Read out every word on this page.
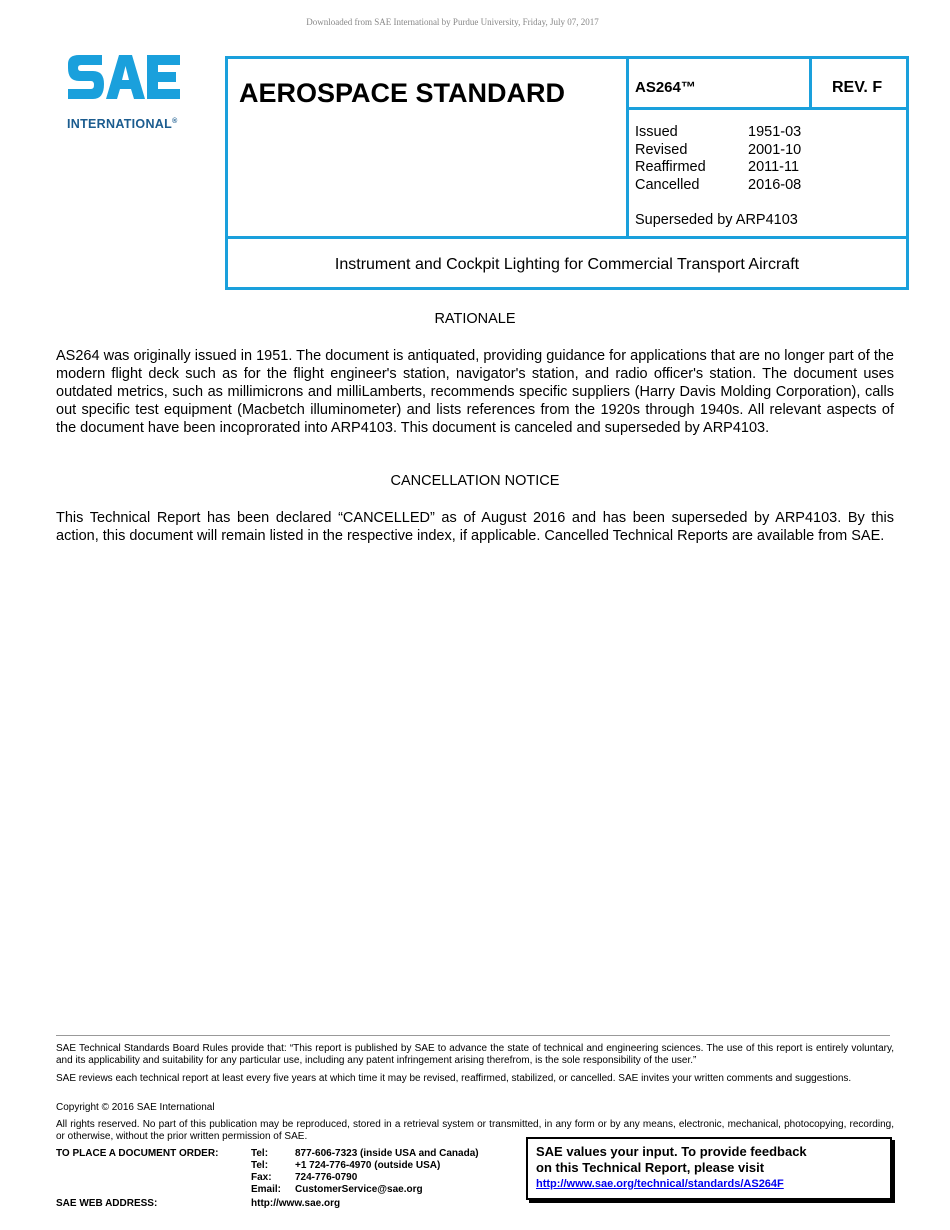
Downloaded from SAE International by Purdue University, Friday, July 07, 2017
INTERNATIONAL®
AEROSPACE STANDARD	AS264™	REV. F
Issued	1951-03
Revised	2001-10
Reaffirmed	2011-11
Cancelled	2016-08
Superseded by ARP4103
Instrument and Cockpit Lighting for Commercial Transport Aircraft
RATIONALE
AS264 was originally issued in 1951. The document is antiquated, providing guidance for applications that are no longer part of the modern flight deck such as for the flight engineer's station, navigator's station, and radio officer's station. The document uses outdated metrics, such as millimicrons and milliLamberts, recommends specific suppliers (Harry Davis Molding Corporation), calls out specific test equipment (Macbetch illuminometer) and lists references from the 1920s through 1940s. All relevant aspects of the document have been incoprorated into ARP4103. This document is canceled and superseded by ARP4103.
CANCELLATION NOTICE
This Technical Report has been declared “CANCELLED” as of August 2016 and has been superseded by ARP4103. By this action, this document will remain listed in the respective index, if applicable. Cancelled Technical Reports are available from SAE.
SAE Technical Standards Board Rules provide that: “This report is published by SAE to advance the state of technical and engineering sciences. The use of this report is entirely voluntary, and its applicability and suitability for any particular use, including any patent infringement arising therefrom, is the sole responsibility of the user.”
SAE reviews each technical report at least every five years at which time it may be revised, reaffirmed, stabilized, or cancelled. SAE invites your written comments and suggestions.
Copyright © 2016 SAE International
All rights reserved. No part of this publication may be reproduced, stored in a retrieval system or transmitted, in any form or by any means, electronic, mechanical, photocopying, recording, or otherwise, without the prior written permission of SAE.
TO PLACE A DOCUMENT ORDER:	Tel:	877-606-7323 (inside USA and Canada)
Tel:	+1 724-776-4970 (outside USA)
Fax:	724-776-0790
Email:	CustomerService@sae.org
SAE WEB ADDRESS:	http://www.sae.org
SAE values your input. To provide feedback
on this Technical Report, please visit
http://www.sae.org/technical/standards/AS264F
